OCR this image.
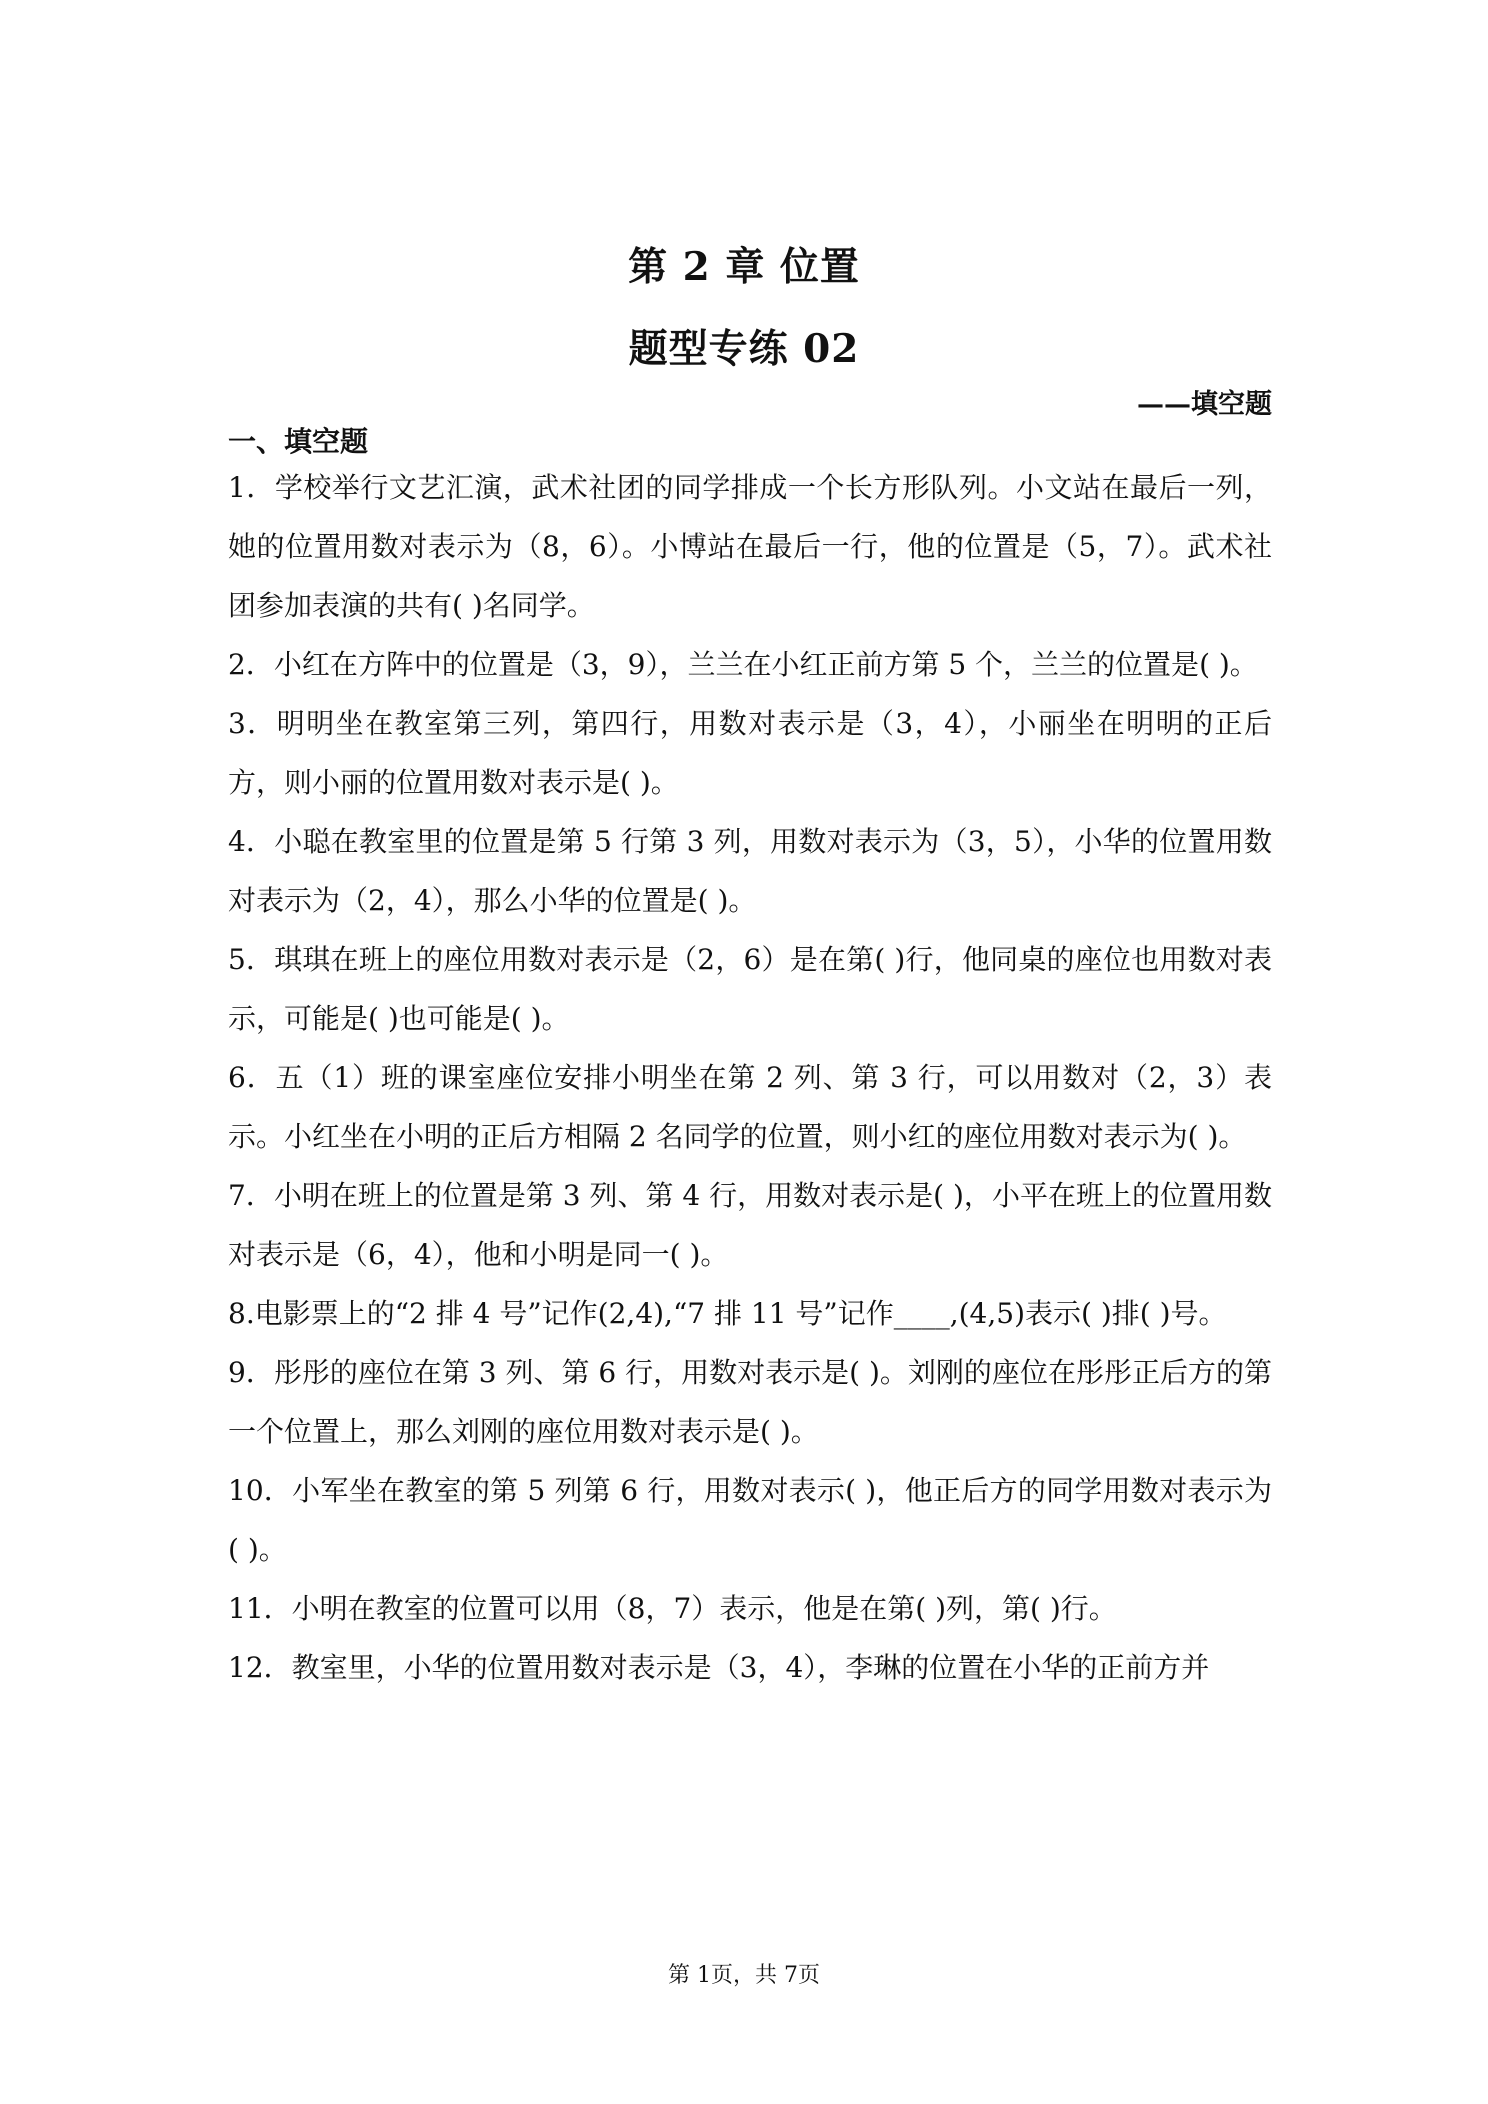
第 2 章 位置
题型专练 02
——填空题
一、填空题

1．学校举行文艺汇演，武术社团的同学排成一个长方形队列。小文站在最后一列，她的位置用数对表示为（8，6）。小博站在最后一行，他的位置是（5，7）。武术社团参加表演的共有( )名同学。

2．小红在方阵中的位置是（3，9），兰兰在小红正前方第 5 个，兰兰的位置是( )。

3．明明坐在教室第三列，第四行，用数对表示是（3，4），小丽坐在明明的正后方，则小丽的位置用数对表示是( )。

4．小聪在教室里的位置是第 5 行第 3 列，用数对表示为（3，5），小华的位置用数对表示为（2，4），那么小华的位置是( )。

5．琪琪在班上的座位用数对表示是（2，6）是在第( )行，他同桌的座位也用数对表示，可能是( )也可能是( )。

6．五（1）班的课室座位安排小明坐在第 2 列、第 3 行，可以用数对（2，3）表示。小红坐在小明的正后方相隔 2 名同学的位置，则小红的座位用数对表示为( )。

7．小明在班上的位置是第 3 列、第 4 行，用数对表示是( )，小平在班上的位置用数对表示是（6，4），他和小明是同一( )。

8.电影票上的“2 排 4 号”记作(2,4),“7 排 11 号”记作____,(4,5)表示( )排( )号。

9．彤彤的座位在第 3 列、第 6 行，用数对表示是( )。刘刚的座位在彤彤正后方的第一个位置上，那么刘刚的座位用数对表示是( )。

10．小军坐在教室的第 5 列第 6 行，用数对表示( )，他正后方的同学用数对表示为( )。

11．小明在教室的位置可以用（8，7）表示，他是在第( )列，第( )行。

12．教室里，小华的位置用数对表示是（3，4），李琳的位置在小华的正前方并

第 1页，共 7页
